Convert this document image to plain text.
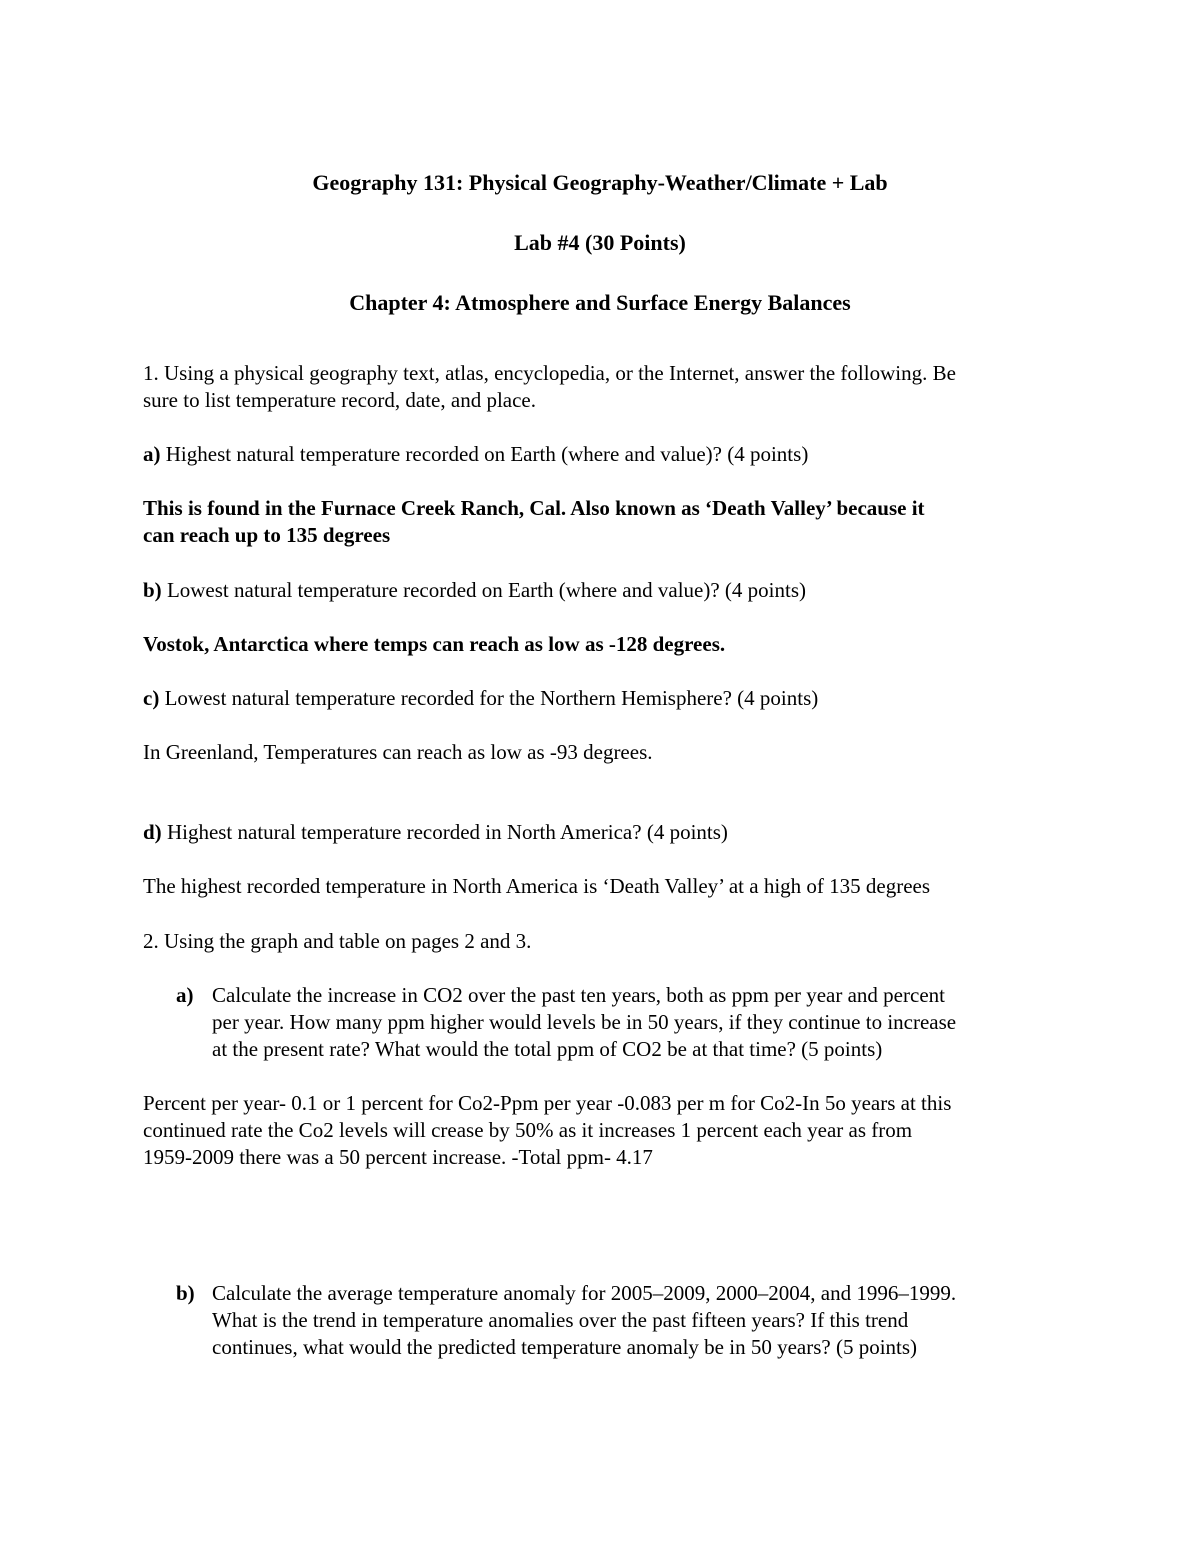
Geography 131: Physical Geography-Weather/Climate + Lab
Lab #4 (30 Points)
Chapter 4: Atmosphere and Surface Energy Balances
1. Using a physical geography text, atlas, encyclopedia, or the Internet, answer the following. Be
sure to list temperature record, date, and place.
a) Highest natural temperature recorded on Earth (where and value)? (4 points)
This is found in the Furnace Creek Ranch, Cal. Also known as ‘Death Valley’ because it
can reach up to 135 degrees
b) Lowest natural temperature recorded on Earth (where and value)? (4 points)
Vostok, Antarctica where temps can reach as low as -128 degrees.
c) Lowest natural temperature recorded for the Northern Hemisphere? (4 points)
In Greenland, Temperatures can reach as low as -93 degrees.
d) Highest natural temperature recorded in North America? (4 points)
The highest recorded temperature in North America is ‘Death Valley’ at a high of 135 degrees
2. Using the graph and table on pages 2 and 3.
a) Calculate the increase in CO2 over the past ten years, both as ppm per year and percent
per year. How many ppm higher would levels be in 50 years, if they continue to increase
at the present rate? What would the total ppm of CO2 be at that time? (5 points)
Percent per year- 0.1 or 1 percent for Co2-Ppm per year -0.083 per m for Co2-In 5o years at this
continued rate the Co2 levels will crease by 50% as it increases 1 percent each year as from
1959-2009 there was a 50 percent increase. -Total ppm- 4.17
b) Calculate the average temperature anomaly for 2005–2009, 2000–2004, and 1996–1999.
What is the trend in temperature anomalies over the past fifteen years? If this trend
continues, what would the predicted temperature anomaly be in 50 years? (5 points)
